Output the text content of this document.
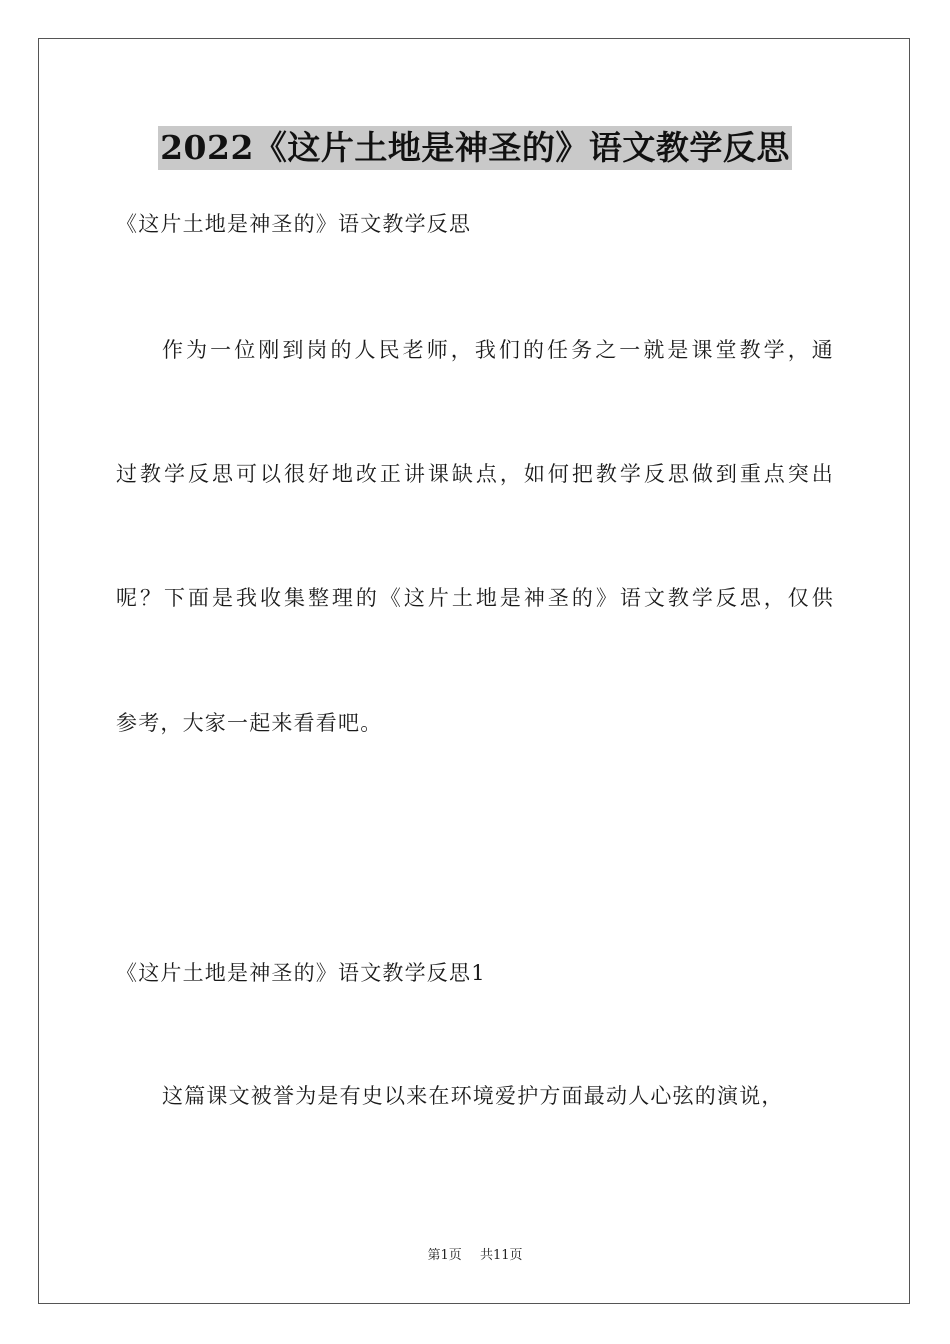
2022《这片土地是神圣的》语文教学反思
《这片土地是神圣的》语文教学反思
作为一位刚到岗的人民老师，我们的任务之一就是课堂教学，通
过教学反思可以很好地改正讲课缺点，如何把教学反思做到重点突出
呢？下面是我收集整理的《这片土地是神圣的》语文教学反思，仅供
参考，大家一起来看看吧。
《这片土地是神圣的》语文教学反思1
这篇课文被誉为是有史以来在环境爱护方面最动人心弦的演说，
第1页 共11页
